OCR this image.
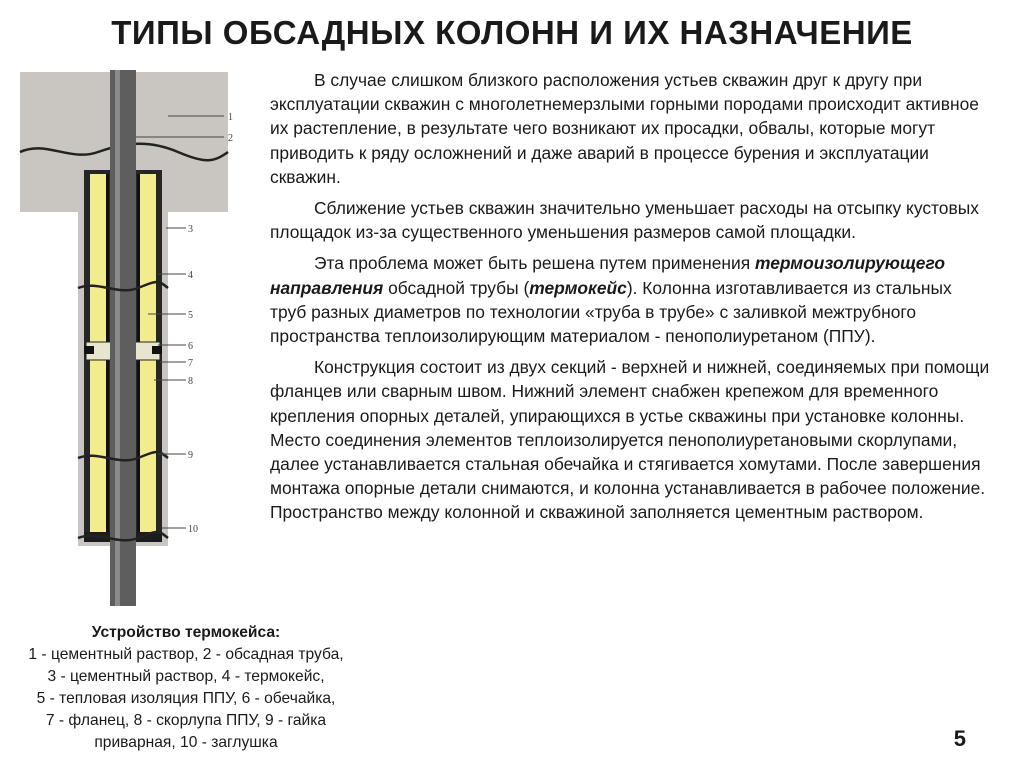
ТИПЫ ОБСАДНЫХ КОЛОНН И ИХ НАЗНАЧЕНИЕ
1
2
3
4
5
6
7
8
9
10

В случае слишком близкого расположения устьев скважин друг к другу при эксплуатации скважин с многолетнемерзлыми горными породами происходит активное их растепление, в результате чего возникают их просадки, обвалы, которые могут приводить к ряду осложнений и даже аварий в процессе бурения и эксплуатации скважин.

Сближение устьев скважин значительно уменьшает расходы на отсыпку кустовых площадок из-за существенного уменьшения размеров самой площадки.

Эта проблема может быть решена путем применения термоизолирующего направления обсадной трубы (термокейс). Колонна изготавливается из стальных труб разных диаметров по технологии «труба в трубе» с заливкой межтрубного пространства теплоизолирующим материалом - пенополиуретаном (ППУ).

Конструкция состоит из двух секций - верхней и нижней, соединяемых при помощи фланцев или сварным швом. Нижний элемент снабжен крепежом для временного крепления опорных деталей, упирающихся в устье скважины при установке колонны. Место соединения элементов теплоизолируется пенополиуретановыми скорлупами, далее устанавливается стальная обечайка и стягивается хомутами. После завершения монтажа опорные детали снимаются, и колонна устанавливается в рабочее положение. Пространство между колонной и скважиной заполняется цементным раствором.

Устройство термокейса:
1 - цементный раствор, 2 - обсадная труба,
3 - цементный раствор, 4 - термокейс,
5 - тепловая изоляция ППУ, 6 - обечайка,
7 - фланец, 8 - скорлупа ППУ, 9 - гайка
приварная, 10 - заглушка	5
